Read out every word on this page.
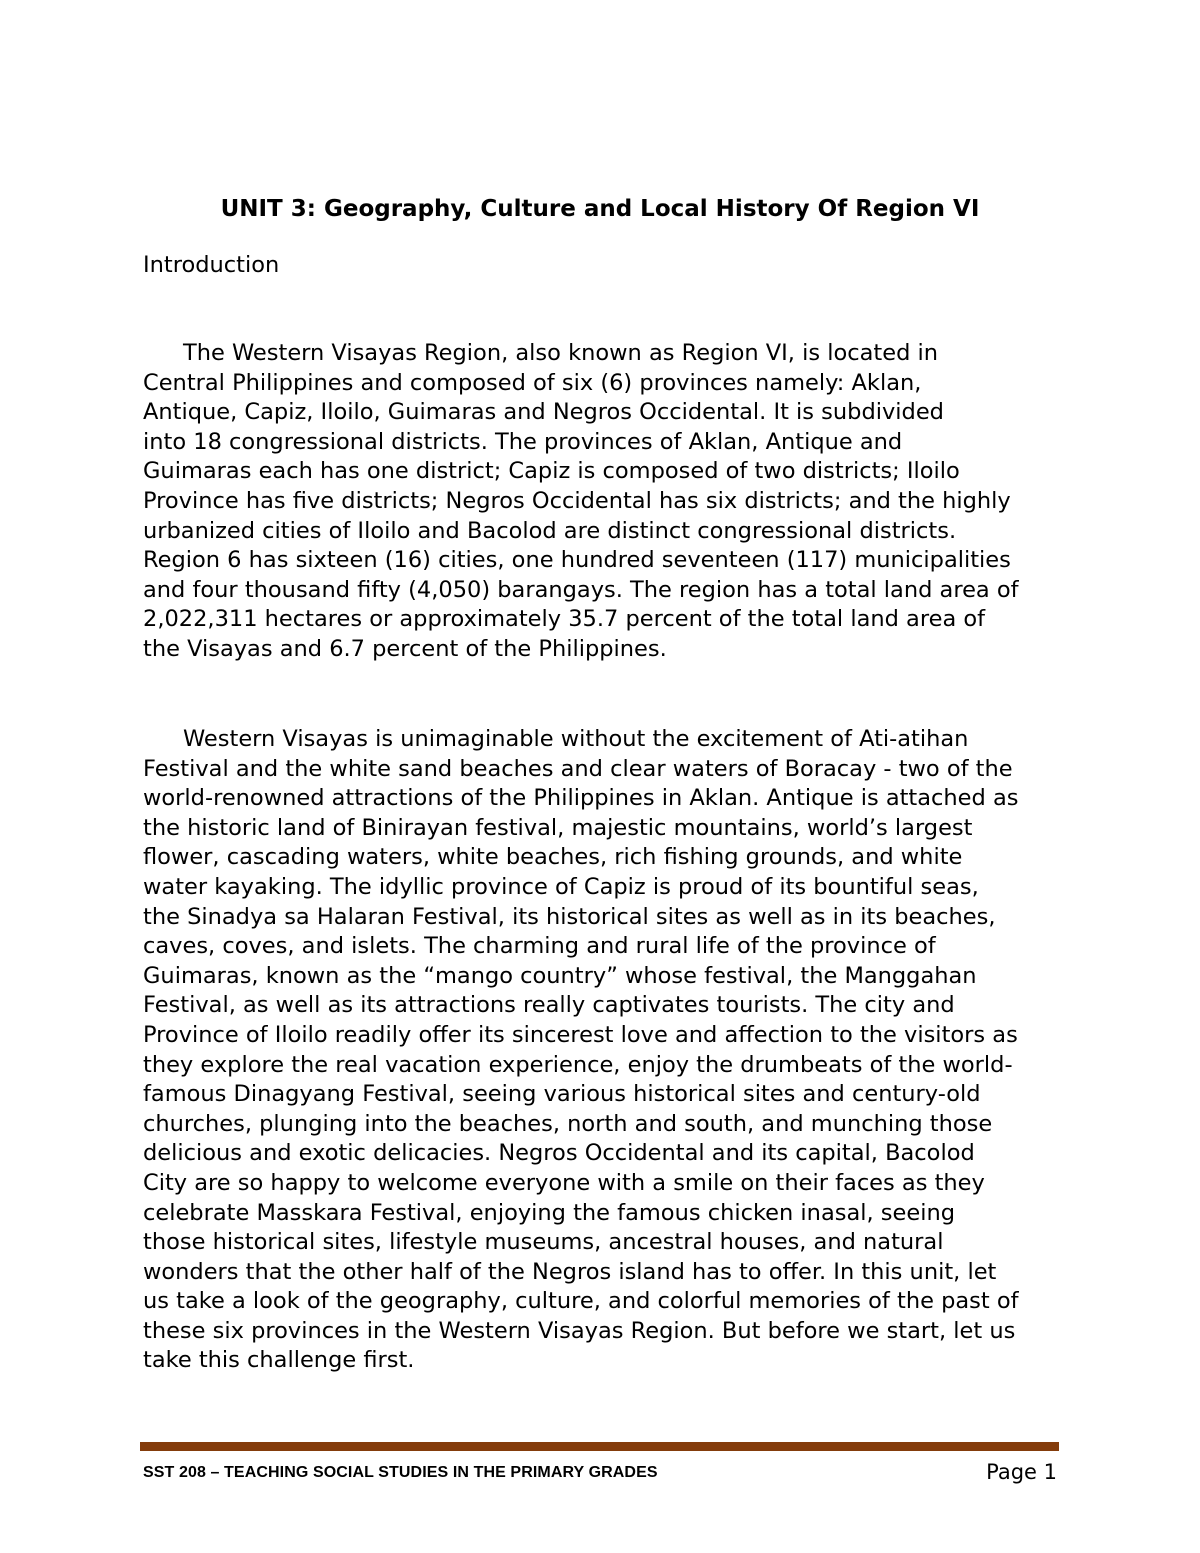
UNIT 3: Geography, Culture and Local History Of Region VI
Introduction

The Western Visayas Region, also known as Region VI, is located in
Central Philippines and composed of six (6) provinces namely: Aklan,
Antique, Capiz, Iloilo, Guimaras and Negros Occidental. It is subdivided
into 18 congressional districts. The provinces of Aklan, Antique and
Guimaras each has one district; Capiz is composed of two districts; Iloilo
Province has five districts; Negros Occidental has six districts; and the highly
urbanized cities of Iloilo and Bacolod are distinct congressional districts.
Region 6 has sixteen (16) cities, one hundred seventeen (117) municipalities
and four thousand fifty (4,050) barangays. The region has a total land area of
2,022,311 hectares or approximately 35.7 percent of the total land area of
the Visayas and 6.7 percent of the Philippines.

Western Visayas is unimaginable without the excitement of Ati-atihan
Festival and the white sand beaches and clear waters of Boracay - two of the
world-renowned attractions of the Philippines in Aklan. Antique is attached as
the historic land of Binirayan festival, majestic mountains, world’s largest
flower, cascading waters, white beaches, rich fishing grounds, and white
water kayaking. The idyllic province of Capiz is proud of its bountiful seas,
the Sinadya sa Halaran Festival, its historical sites as well as in its beaches,
caves, coves, and islets. The charming and rural life of the province of
Guimaras, known as the “mango country” whose festival, the Manggahan
Festival, as well as its attractions really captivates tourists. The city and
Province of Iloilo readily offer its sincerest love and affection to the visitors as
they explore the real vacation experience, enjoy the drumbeats of the world-
famous Dinagyang Festival, seeing various historical sites and century-old
churches, plunging into the beaches, north and south, and munching those
delicious and exotic delicacies. Negros Occidental and its capital, Bacolod
City are so happy to welcome everyone with a smile on their faces as they
celebrate Masskara Festival, enjoying the famous chicken inasal, seeing
those historical sites, lifestyle museums, ancestral houses, and natural
wonders that the other half of the Negros island has to offer. In this unit, let
us take a look of the geography, culture, and colorful memories of the past of
these six provinces in the Western Visayas Region. But before we start, let us
take this challenge first.

SST 208 – TEACHING SOCIAL STUDIES IN THE PRIMARY GRADES	Page 1
